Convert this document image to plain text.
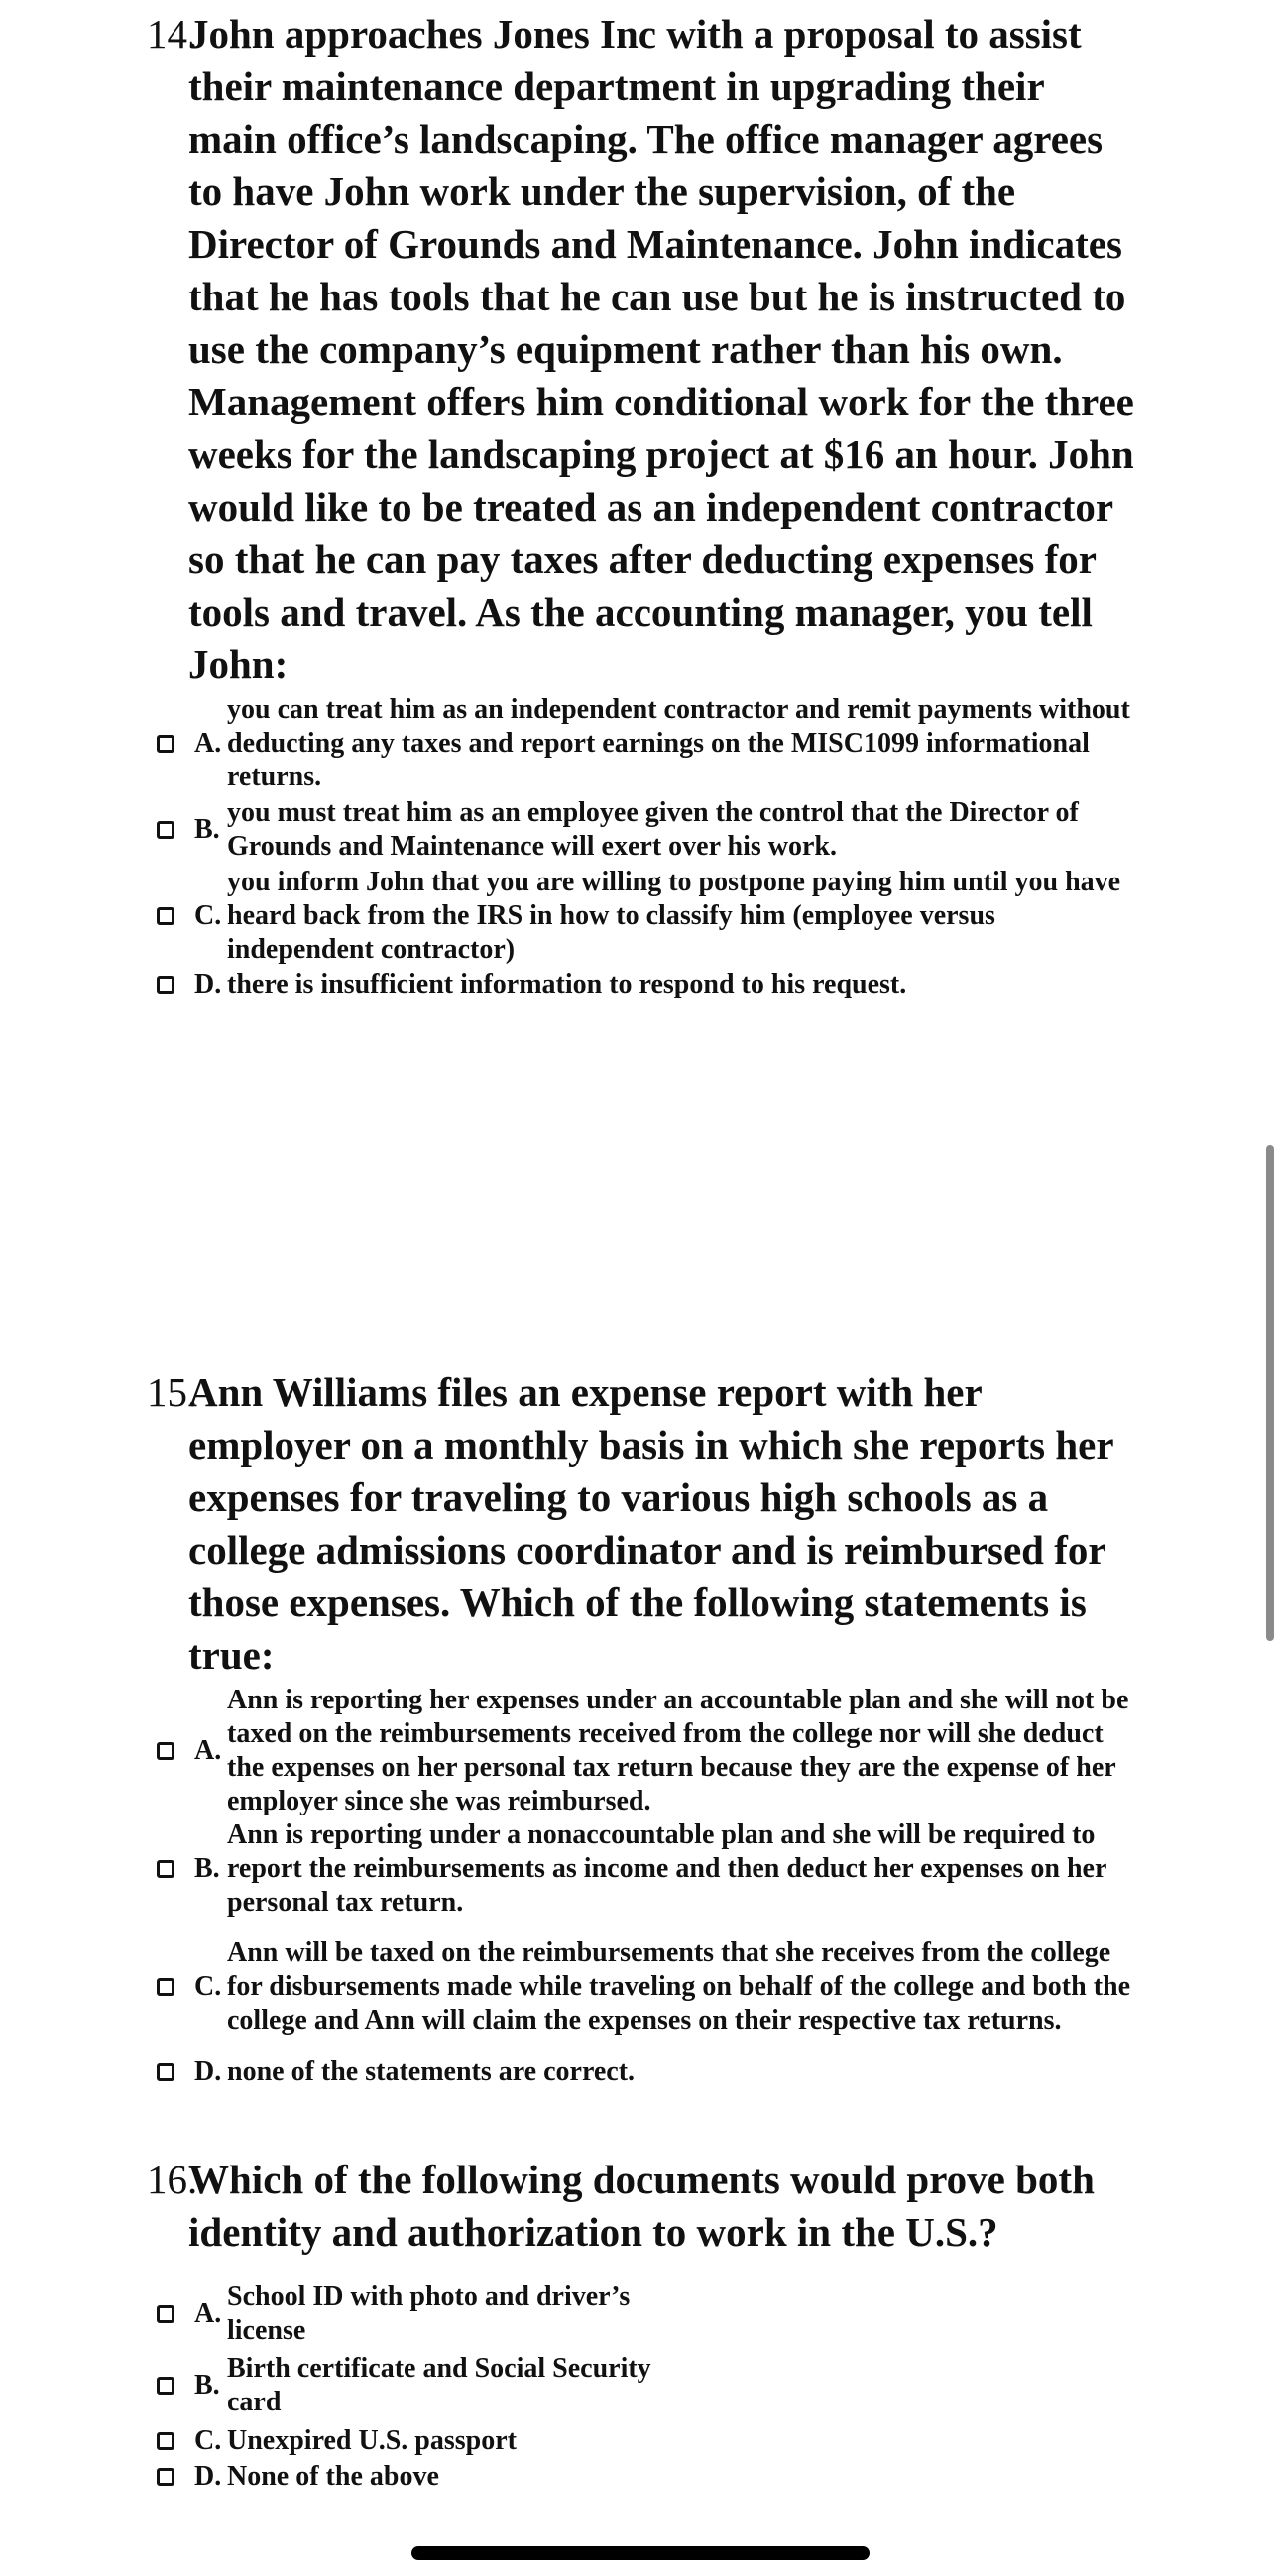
14.
John approaches Jones Inc with a proposal to assist their maintenance department in upgrading their main office’s landscaping. The office manager agrees to have John work under the supervision, of the Director of Grounds and Maintenance. John indicates that he has tools that he can use but he is instructed to use the company’s equipment rather than his own. Management offers him conditional work for the three weeks for the landscaping project at $16 an hour. John would like to be treated as an independent contractor so that he can pay taxes after deducting expenses for tools and travel. As the accounting manager, you tell John:
A.
you can treat him as an independent contractor and remit payments without deducting any taxes and report earnings on the MISC1099 informational returns.
B.
you must treat him as an employee given the control that the Director of Grounds and Maintenance will exert over his work.
C.
you inform John that you are willing to postpone paying him until you have heard back from the IRS in how to classify him (employee versus independent contractor)
D. there is insufficient information to respond to his request.
15.
Ann Williams files an expense report with her employer on a monthly basis in which she reports her expenses for traveling to various high schools as a college admissions coordinator and is reimbursed for those expenses. Which of the following statements is true:
A.
Ann is reporting her expenses under an accountable plan and she will not be taxed on the reimbursements received from the college nor will she deduct the expenses on her personal tax return because they are the expense of her employer since she was reimbursed.
B.
Ann is reporting under a nonaccountable plan and she will be required to report the reimbursements as income and then deduct her expenses on her personal tax return.
C.
Ann will be taxed on the reimbursements that she receives from the college for disbursements made while traveling on behalf of the college and both the college and Ann will claim the expenses on their respective tax returns.
D. none of the statements are correct.
16.
Which of the following documents would prove both identity and authorization to work in the U.S.?
A.
School ID with photo and driver’s license
B.
Birth certificate and Social Security card
C. Unexpired U.S. passport
D. None of the above
